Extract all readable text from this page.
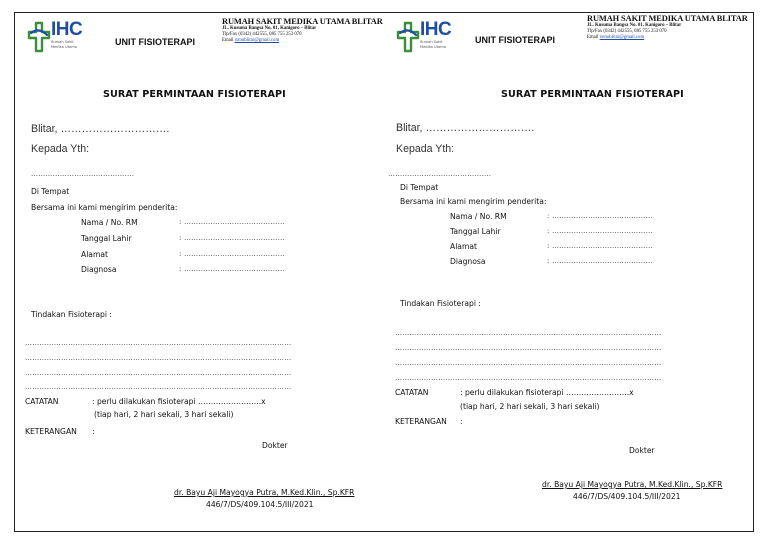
IHC
Rumah Sakit
Medika Utama	UNIT FISIOTERAPI
RUMAH SAKIT MEDIKA UTAMA BLITAR
JL. Kusuma Bangsa No. 01, Kanigoro – Blitar
Tlp/Fax (0342) 442555, 085 755 253 070
Email rsmublitar@gmail.com
SURAT PERMINTAAN FISIOTERAPI
Blitar, ………………………….
Kepada Yth:
…………………………………….
Di Tempat
Bersama ini kami mengirim penderita:
Nama / No. RM	: ……………………………………
Tanggal Lahir	: ……………………………………
Alamat	: ……………………………………
Diagnosa	: ……………………………………
Tindakan Fisioterapi :
…………………………………………………………………………………………………
…………………………………………………………………………………………………
…………………………………………………………………………………………………
…………………………………………………………………………………………………
CATATAN	: perlu dilakukan fisioterapi …………………….x
(tiap hari, 2 hari sekali, 3 hari sekali)
KETERANGAN :
Dokter
dr. Bayu Aji Mayogya Putra, M.Ked.Klin., Sp.KFR
446/7/DS/409.104.5/III/2021
IHC
Rumah Sakit
Medika Utama
UNIT FISIOTERAPI
RUMAH SAKIT MEDIKA UTAMA BLITAR
JL. Kusuma Bangsa No. 01, Kanigoro – Blitar
Tlp/Fax (0342) 442555, 085 755 253 070
Email rsmublitar@gmail.com
SURAT PERMINTAAN FISIOTERAPI
Blitar, ………………………….
Kepada Yth:
…………………………………….
Di Tempat
Bersama ini kami mengirim penderita:
Nama / No. RM	: ……………………………………
Tanggal Lahir	: ……………………………………
Alamat	: ……………………………………
Diagnosa	: ……………………………………
Tindakan Fisioterapi :
…………………………………………………………………………………………………
…………………………………………………………………………………………………
…………………………………………………………………………………………………
…………………………………………………………………………………………………
CATATAN	: perlu dilakukan fisioterapi …………………….x
(tiap hari, 2 hari sekali, 3 hari sekali)
KETERANGAN :
Dokter
dr. Bayu Aji Mayogya Putra, M.Ked.Klin., Sp.KFR
446/7/DS/409.104.5/III/2021
